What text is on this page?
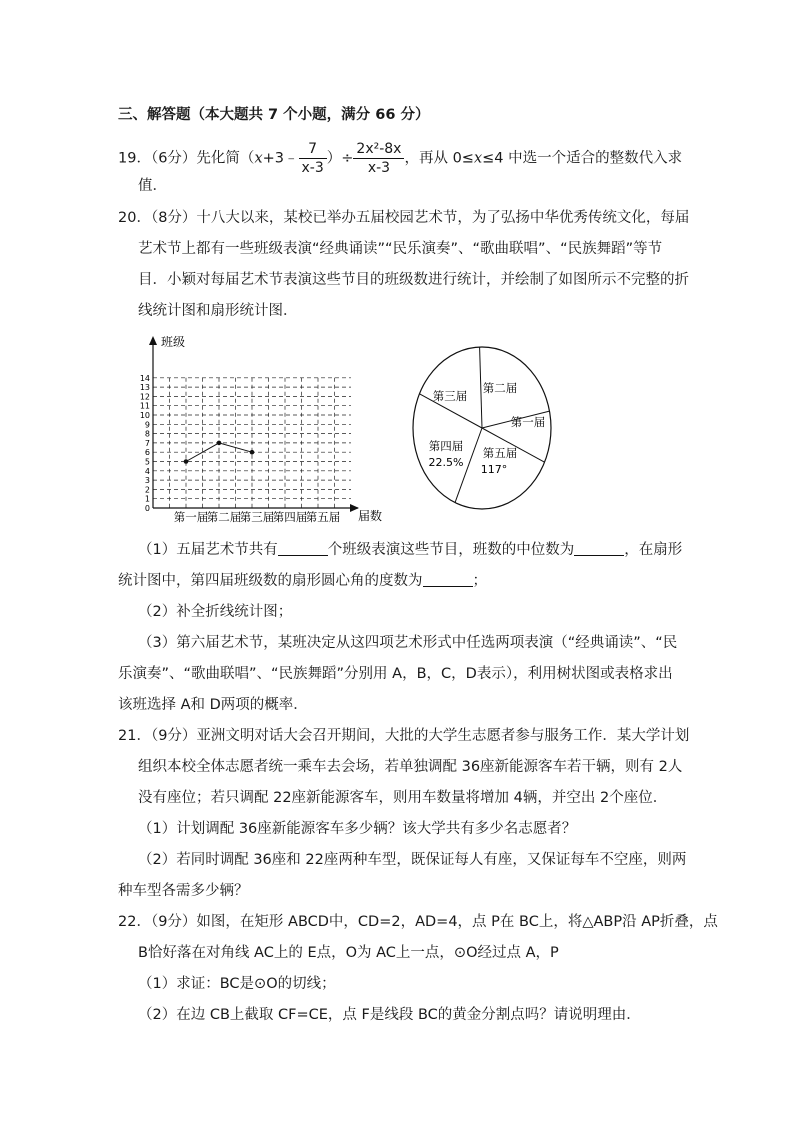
三、解答题（本大题共 7 个小题，满分 66 分）
19．（6分）先化简（x+3﹣ $\frac{7}{x-3}$ ）÷ $\frac{\text{2x²-8x}}{x-3}$ ，再从 0≤x≤4 中选一个适合的整数代入求
值．
20．（8分）十八大以来，某校已举办五届校园艺术节，为了弘扬中华优秀传统文化，每届
艺术节上都有一些班级表演“经典诵读”“民乐演奏”、“歌曲联唱”、“民族舞蹈”等节
目．小颖对每届艺术节表演这些节目的班级数进行统计，并绘制了如图所示不完整的折
线统计图和扇形统计图．
0
1
2
3
4
5
6
7
8
9
10
11
12
13
14
第一届
第二届
第三届
第四届
第五届
班级
届数
第一届
第二届
第三届
第四届
22.5%
第五届
117°
（1）五届艺术节共有	个班级表演这些节目，班数的中位数为	，在扇形
统计图中，第四届班级数的扇形圆心角的度数为	；
（2）补全折线统计图；
（3）第六届艺术节，某班决定从这四项艺术形式中任选两项表演（“经典诵读”、“民
乐演奏”、“歌曲联唱”、“民族舞蹈”分别用 A，B，C，D表示），利用树状图或表格求出
该班选择 A和 D两项的概率．
21．（9分）亚洲文明对话大会召开期间，大批的大学生志愿者参与服务工作．某大学计划
组织本校全体志愿者统一乘车去会场，若单独调配 36座新能源客车若干辆，则有 2人
没有座位；若只调配 22座新能源客车，则用车数量将增加 4辆，并空出 2个座位．
（1）计划调配 36座新能源客车多少辆？该大学共有多少名志愿者？
（2）若同时调配 36座和 22座两种车型，既保证每人有座，又保证每车不空座，则两
种车型各需多少辆？
22．（9分）如图，在矩形 ABCD中，CD=2，AD=4，点 P在 BC上，将△ABP沿 AP折叠，点
B恰好落在对角线 AC上的 E点，O为 AC上一点，⊙O经过点 A，P
（1）求证：BC是⊙O的切线；
（2）在边 CB上截取 CF=CE，点 F是线段 BC的黄金分割点吗？请说明理由．
